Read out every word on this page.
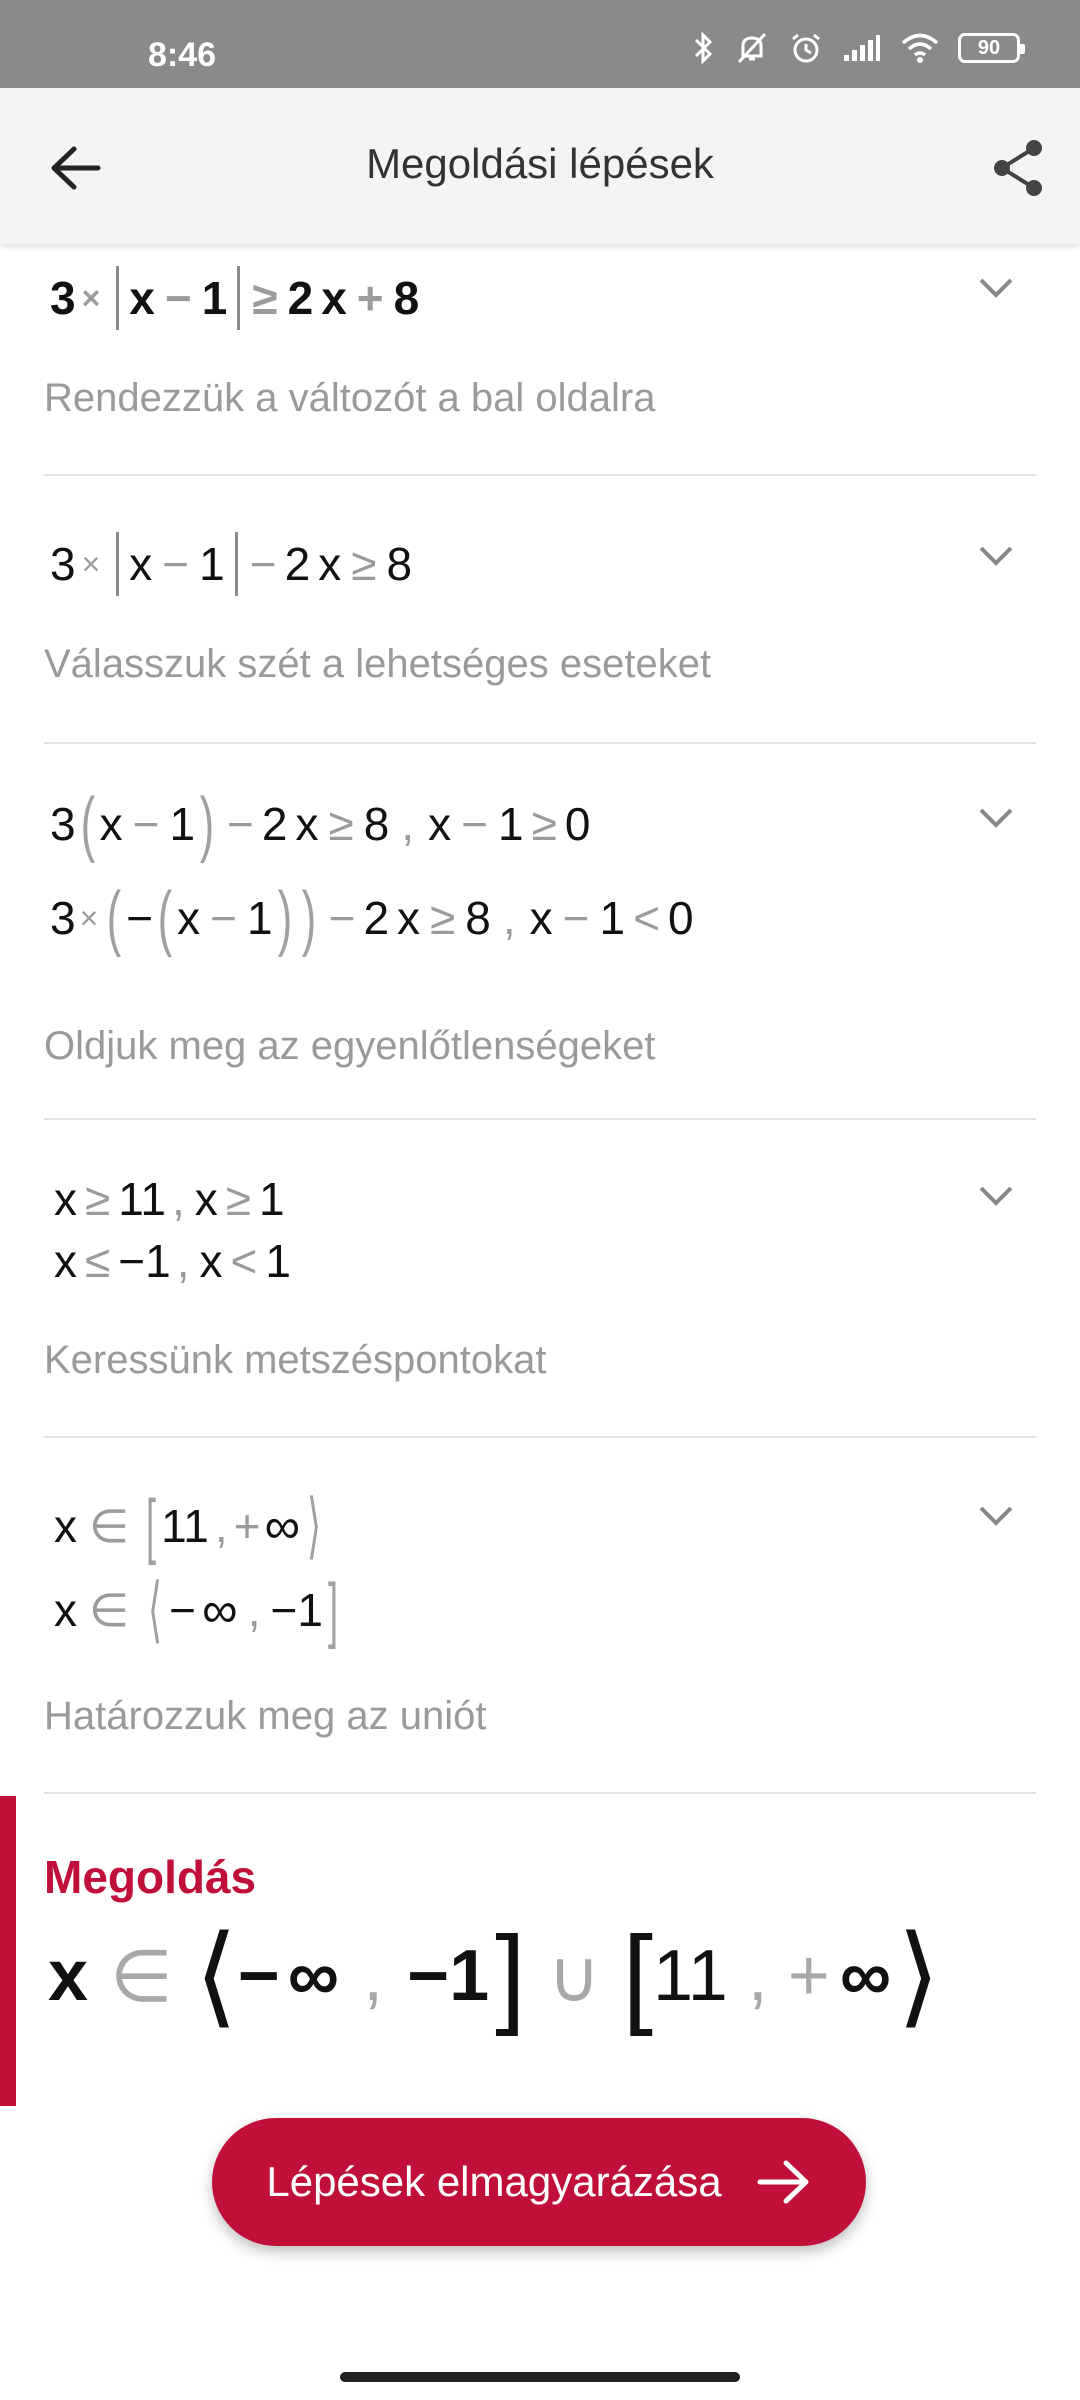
8:46	90
Megoldási lépések
3 × x − 1 ≥ 2 x + 8
Rendezzük a változót a bal oldalra
3 × x − 1 − 2 x ≥ 8
Válasszuk szét a lehetséges eseteket
3 ( x − 1 ) − 2 x ≥ 8 , x − 1 ≥ 0
3 × ( − ( x − 1 ) ) − 2 x ≥ 8 , x − 1 < 0
Oldjuk meg az egyenlőtlenségeket
x ≥ 11 , x ≥ 1
x ≤ − 1 , x < 1
Keressünk metszéspontokat
x ∈ [ 11 , + ∞ ⟩
x ∈ ⟨ − ∞ , − 1 ]
Határozzuk meg az uniót
Megoldás
x ∈ ⟨ − ∞ , − 1 ] ∪ [ 11 , + ∞ ⟩
Lépések elmagyarázása
